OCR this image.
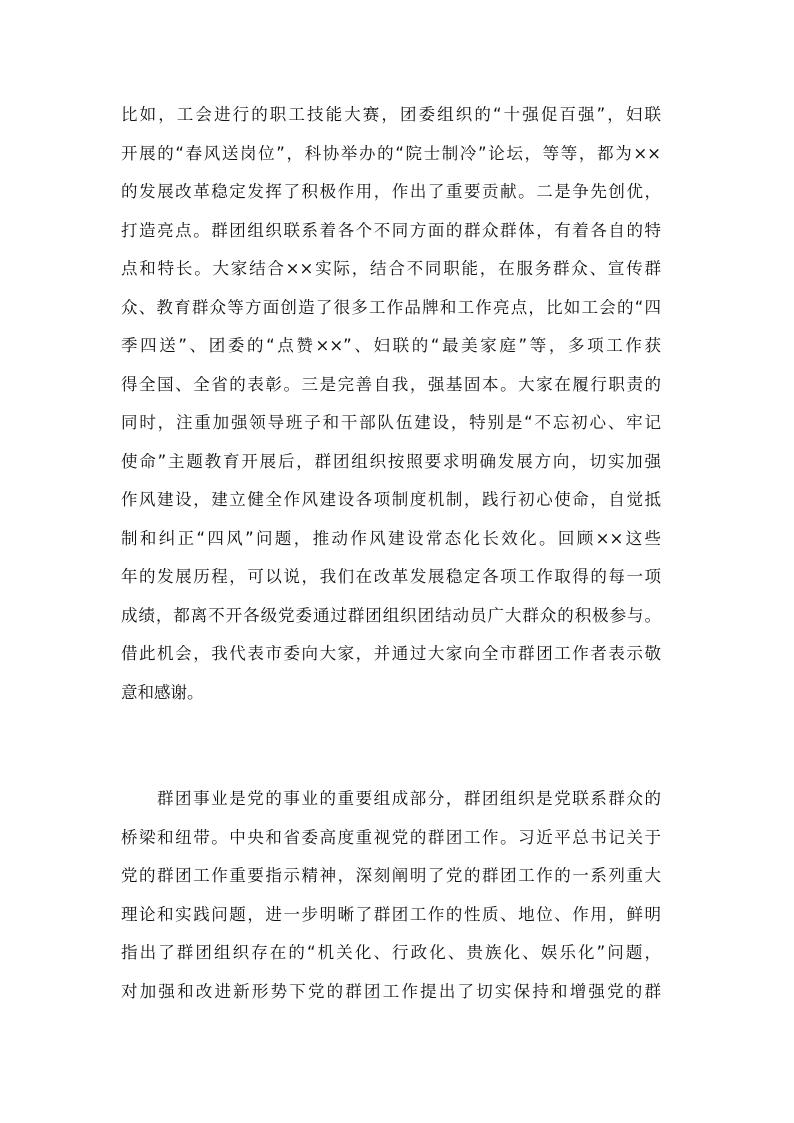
比如，工会进行的职工技能大赛，团委组织的“十强促百强”，妇联
开展的“春风送岗位”，科协举办的“院士制冷”论坛，等等，都为××
的发展改革稳定发挥了积极作用，作出了重要贡献。二是争先创优，
打造亮点。群团组织联系着各个不同方面的群众群体，有着各自的特
点和特长。大家结合××实际，结合不同职能，在服务群众、宣传群
众、教育群众等方面创造了很多工作品牌和工作亮点，比如工会的“四
季四送”、团委的“点赞××”、妇联的“最美家庭”等，多项工作获
得全国、全省的表彰。三是完善自我，强基固本。大家在履行职责的
同时，注重加强领导班子和干部队伍建设，特别是“不忘初心、牢记
使命”主题教育开展后，群团组织按照要求明确发展方向，切实加强
作风建设，建立健全作风建设各项制度机制，践行初心使命，自觉抵
制和纠正“四风”问题，推动作风建设常态化长效化。回顾××这些
年的发展历程，可以说，我们在改革发展稳定各项工作取得的每一项
成绩，都离不开各级党委通过群团组织团结动员广大群众的积极参与。
借此机会，我代表市委向大家，并通过大家向全市群团工作者表示敬
意和感谢。
群团事业是党的事业的重要组成部分，群团组织是党联系群众的
桥梁和纽带。中央和省委高度重视党的群团工作。习近平总书记关于
党的群团工作重要指示精神，深刻阐明了党的群团工作的一系列重大
理论和实践问题，进一步明晰了群团工作的性质、地位、作用，鲜明
指出了群团组织存在的“机关化、行政化、贵族化、娱乐化”问题，
对加强和改进新形势下党的群团工作提出了切实保持和增强党的群
